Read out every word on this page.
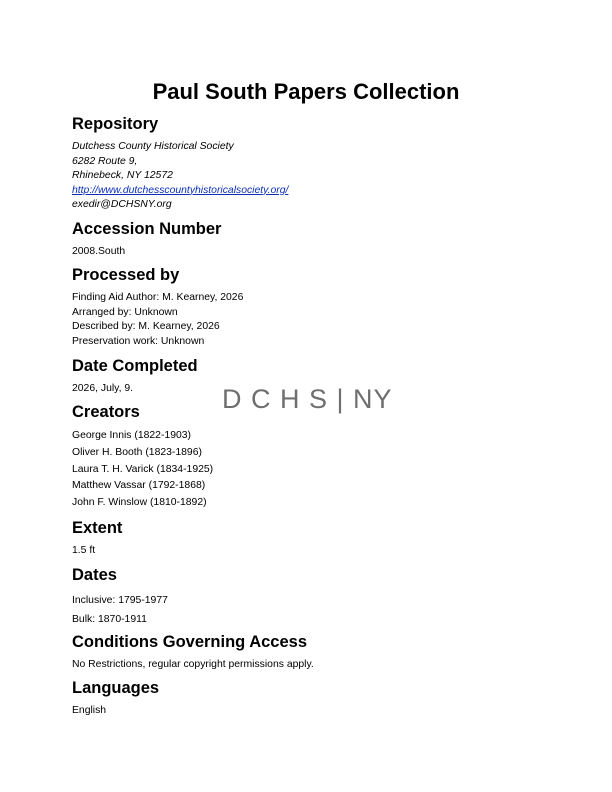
Paul South Papers Collection
Repository
Dutchess County Historical Society
6282 Route 9,
Rhinebeck, NY 12572
http://www.dutchesscountyhistoricalsociety.org/
exedir@DCHSNY.org
Accession Number
2008.South
Processed by
Finding Aid Author: M. Kearney, 2026
Arranged by: Unknown
Described by: M. Kearney, 2026
Preservation work: Unknown
Date Completed
2026, July, 9.	D C H S | NY
Creators
George Innis (1822-1903)
Oliver H. Booth (1823-1896)
Laura T. H. Varick (1834-1925)
Matthew Vassar (1792-1868)
John F. Winslow (1810-1892)
Extent
1.5 ft
Dates
Inclusive: 1795-1977
Bulk: 1870-1911
Conditions Governing Access
No Restrictions, regular copyright permissions apply.
Languages
English
